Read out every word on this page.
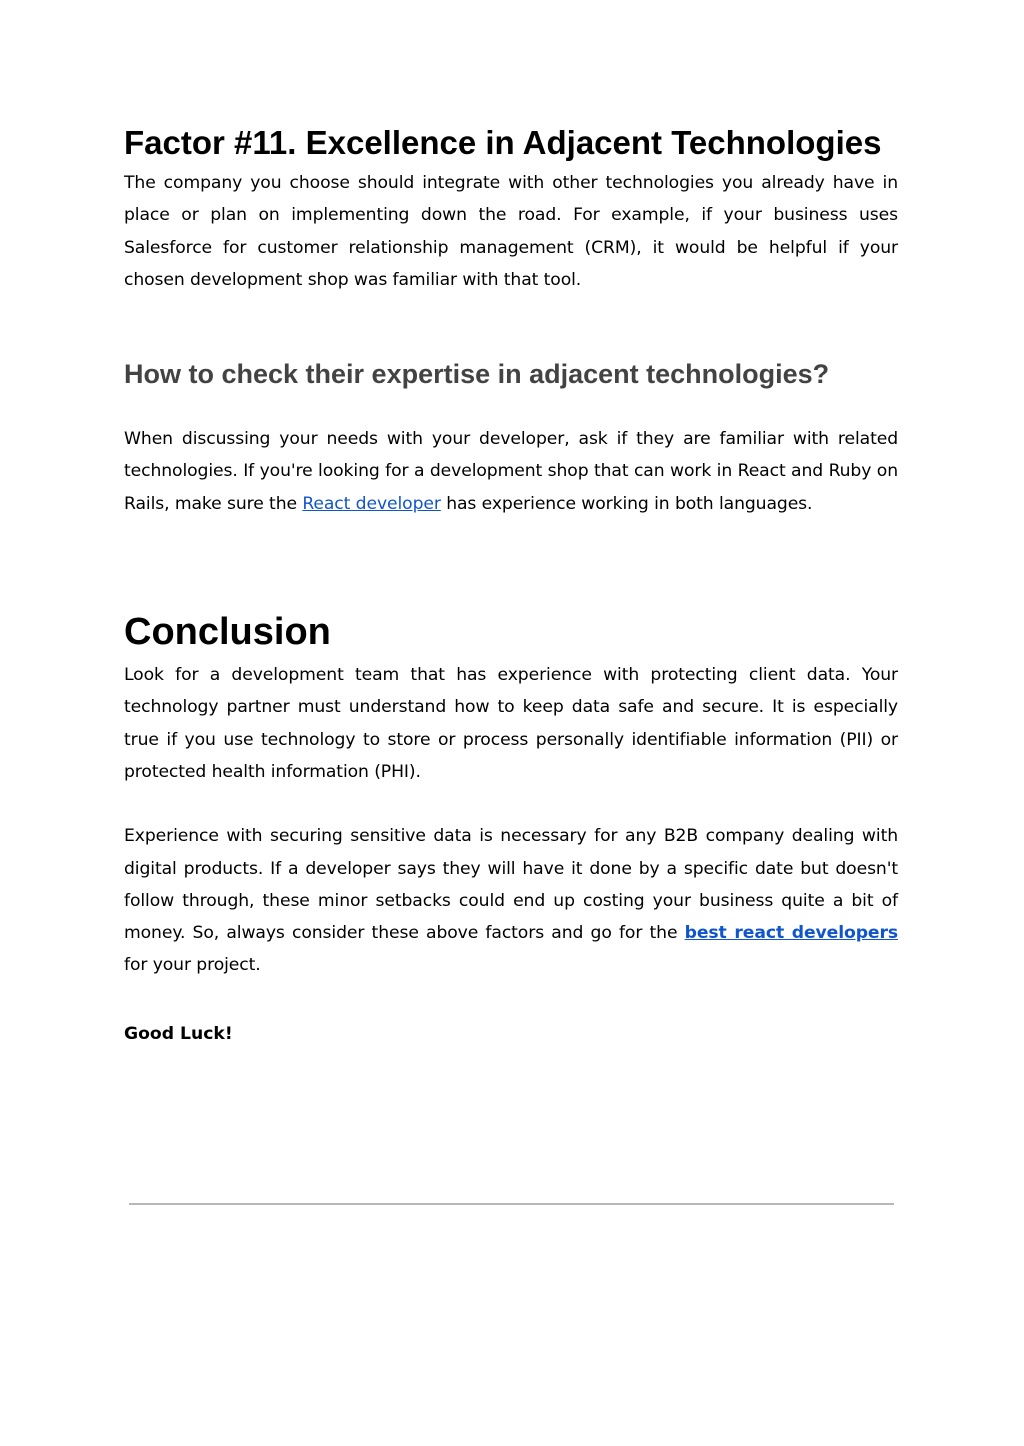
Factor #11. Excellence in Adjacent Technologies

The company you choose should integrate with other technologies you already have in place or plan on implementing down the road. For example, if your business uses Salesforce for customer relationship management (CRM), it would be helpful if your chosen development shop was familiar with that tool.

How to check their expertise in adjacent technologies?

When discussing your needs with your developer, ask if they are familiar with related technologies. If you're looking for a development shop that can work in React and Ruby on Rails, make sure the React developer has experience working in both languages.

Conclusion

Look for a development team that has experience with protecting client data. Your technology partner must understand how to keep data safe and secure. It is especially true if you use technology to store or process personally identifiable information (PII) or protected health information (PHI).

Experience with securing sensitive data is necessary for any B2B company dealing with digital products. If a developer says they will have it done by a specific date but doesn't follow through, these minor setbacks could end up costing your business quite a bit of money. So, always consider these above factors and go for the best react developers for your project.

Good Luck!
